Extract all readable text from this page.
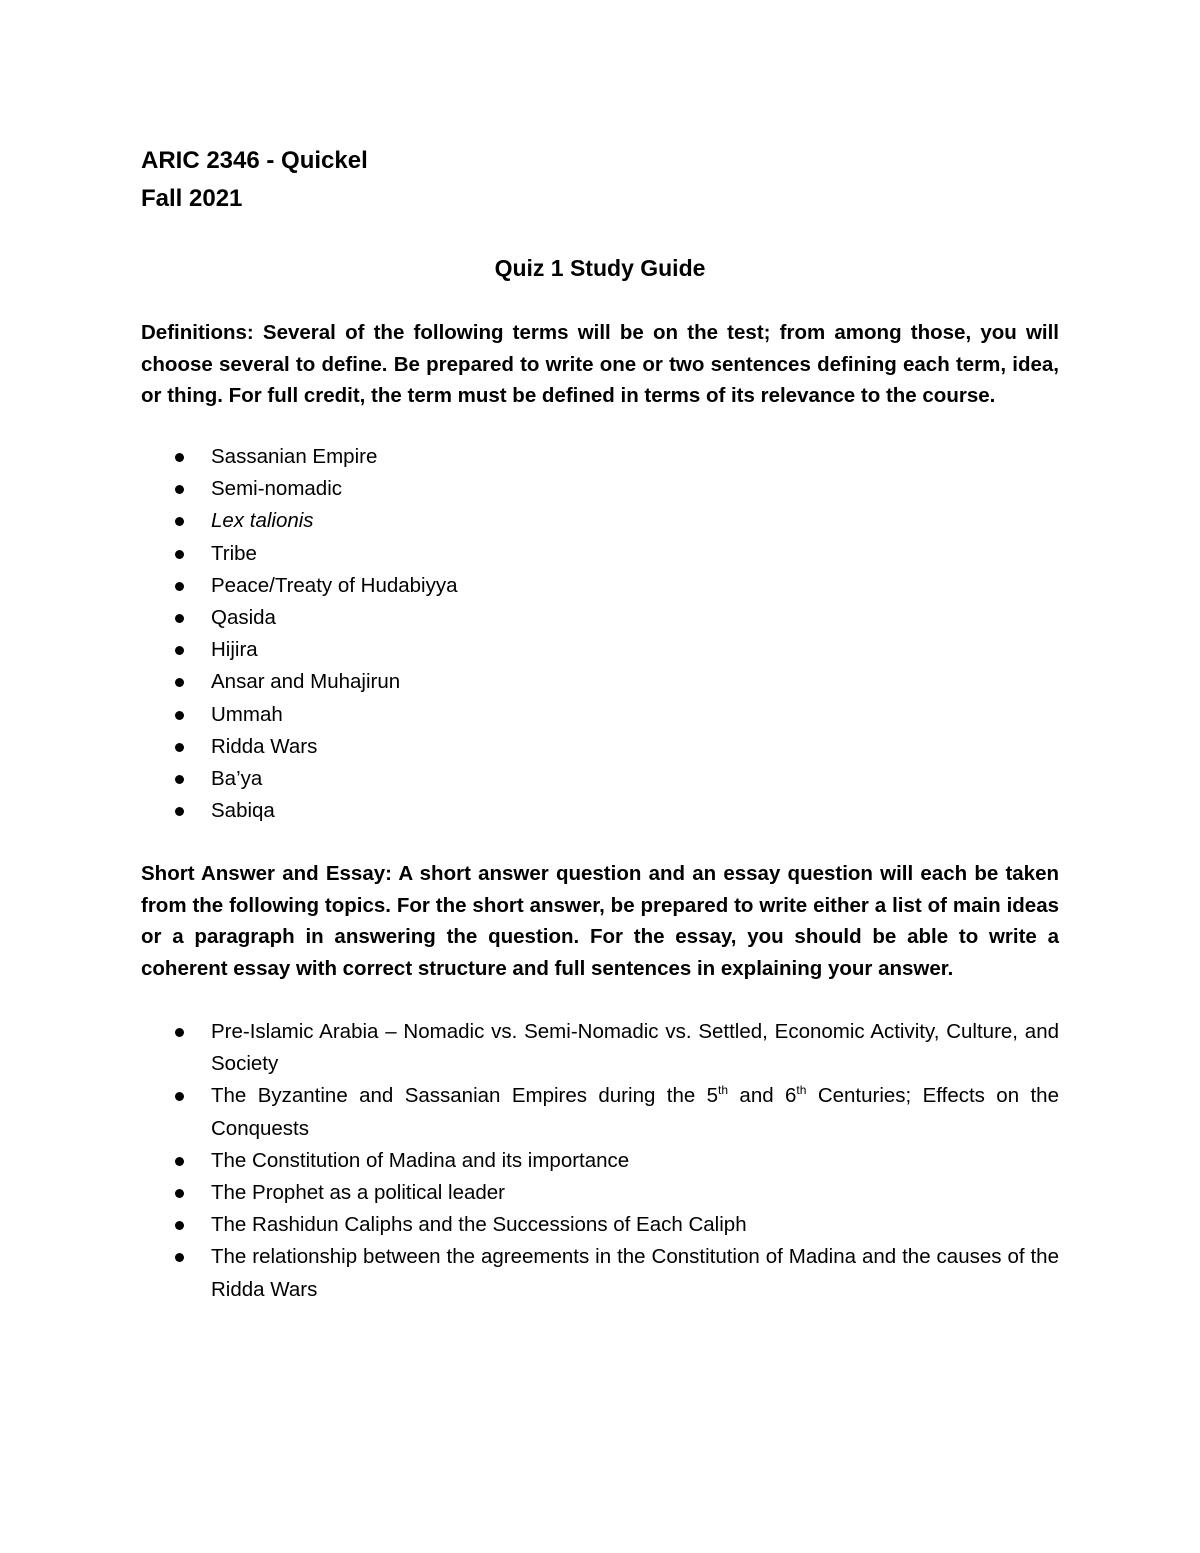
ARIC 2346 - Quickel
Fall 2021
Quiz 1 Study Guide
Definitions: Several of the following terms will be on the test; from among those, you will choose several to define. Be prepared to write one or two sentences defining each term, idea, or thing. For full credit, the term must be defined in terms of its relevance to the course.
Sassanian Empire
Semi-nomadic
Lex talionis
Tribe
Peace/Treaty of Hudabiyya
Qasida
Hijira
Ansar and Muhajirun
Ummah
Ridda Wars
Ba’ya
Sabiqa
Short Answer and Essay: A short answer question and an essay question will each be taken from the following topics. For the short answer, be prepared to write either a list of main ideas or a paragraph in answering the question. For the essay, you should be able to write a coherent essay with correct structure and full sentences in explaining your answer.
Pre-Islamic Arabia – Nomadic vs. Semi-Nomadic vs. Settled, Economic Activity, Culture, and Society
The Byzantine and Sassanian Empires during the 5th and 6th Centuries; Effects on the Conquests
The Constitution of Madina and its importance
The Prophet as a political leader
The Rashidun Caliphs and the Successions of Each Caliph
The relationship between the agreements in the Constitution of Madina and the causes of the Ridda Wars
